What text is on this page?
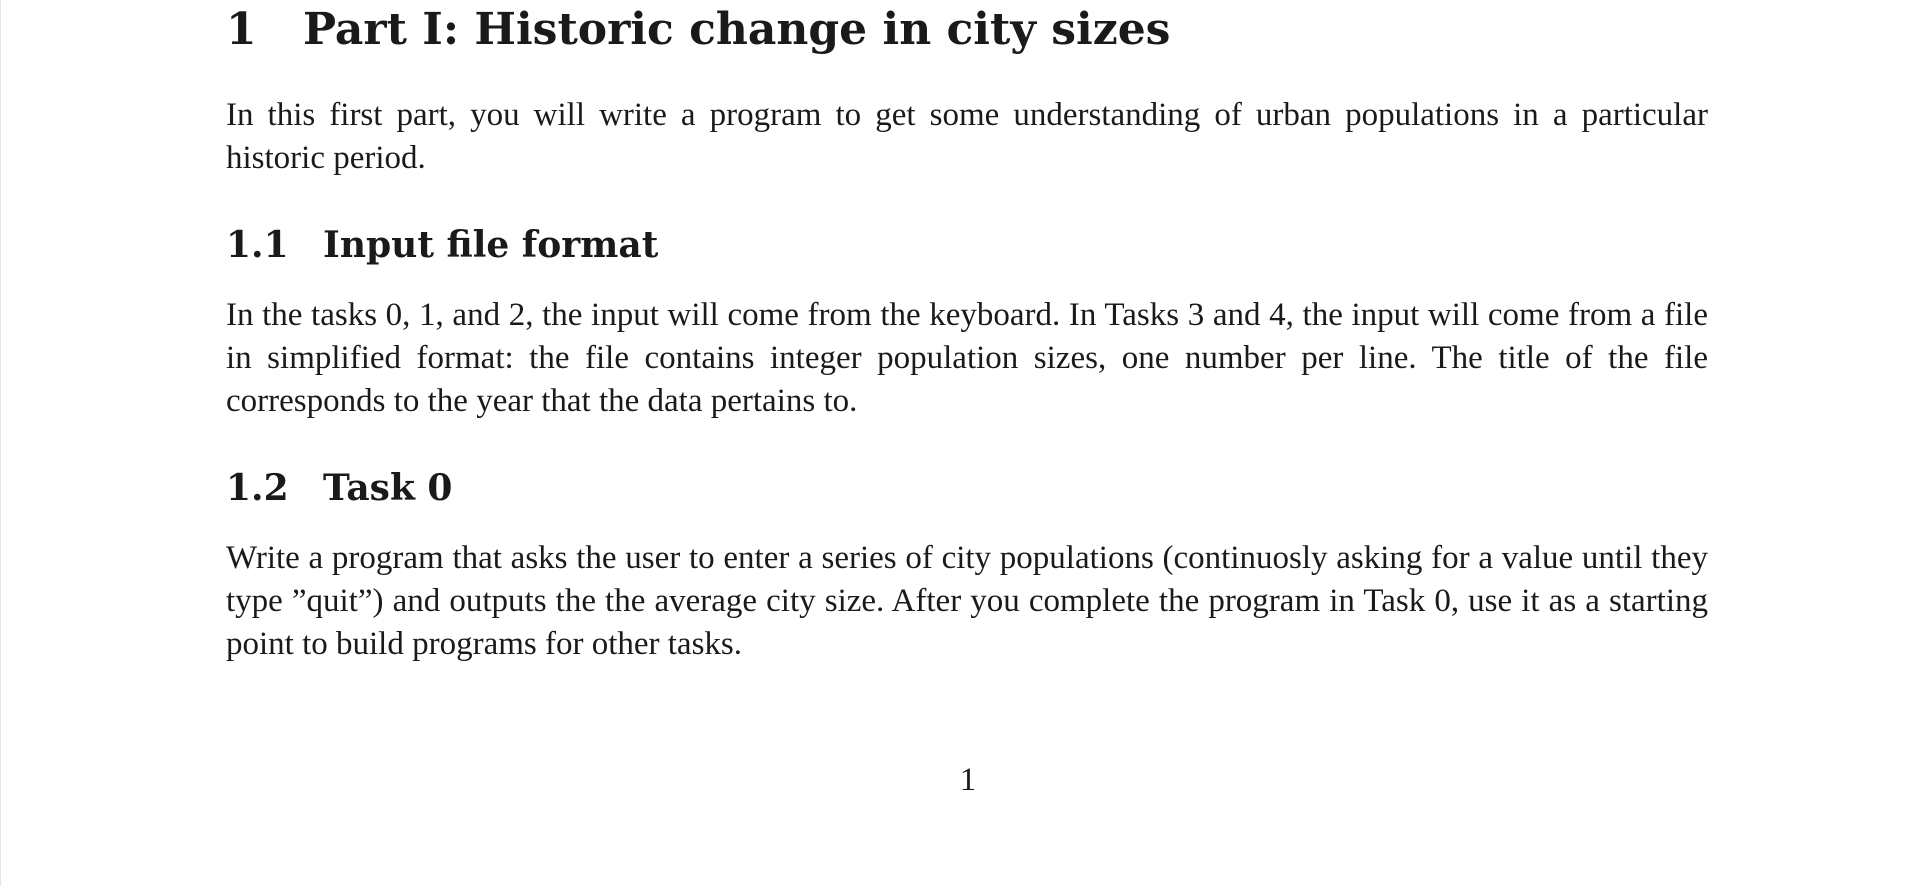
1	Part I: Historic change in city sizes

In this first part, you will write a program to get some understanding of urban populations in a particular historic period.

1.1 Input file format

In the tasks 0, 1, and 2, the input will come from the keyboard. In Tasks 3 and 4, the input will come from a file in simplified format: the file contains integer population sizes, one number per line. The title of the file corresponds to the year that the data pertains to.

1.2 Task 0

Write a program that asks the user to enter a series of city populations (continuosly asking for a value until they type ”quit”) and outputs the the average city size. After you complete the program in Task 0, use it as a starting point to build programs for other tasks.

1
